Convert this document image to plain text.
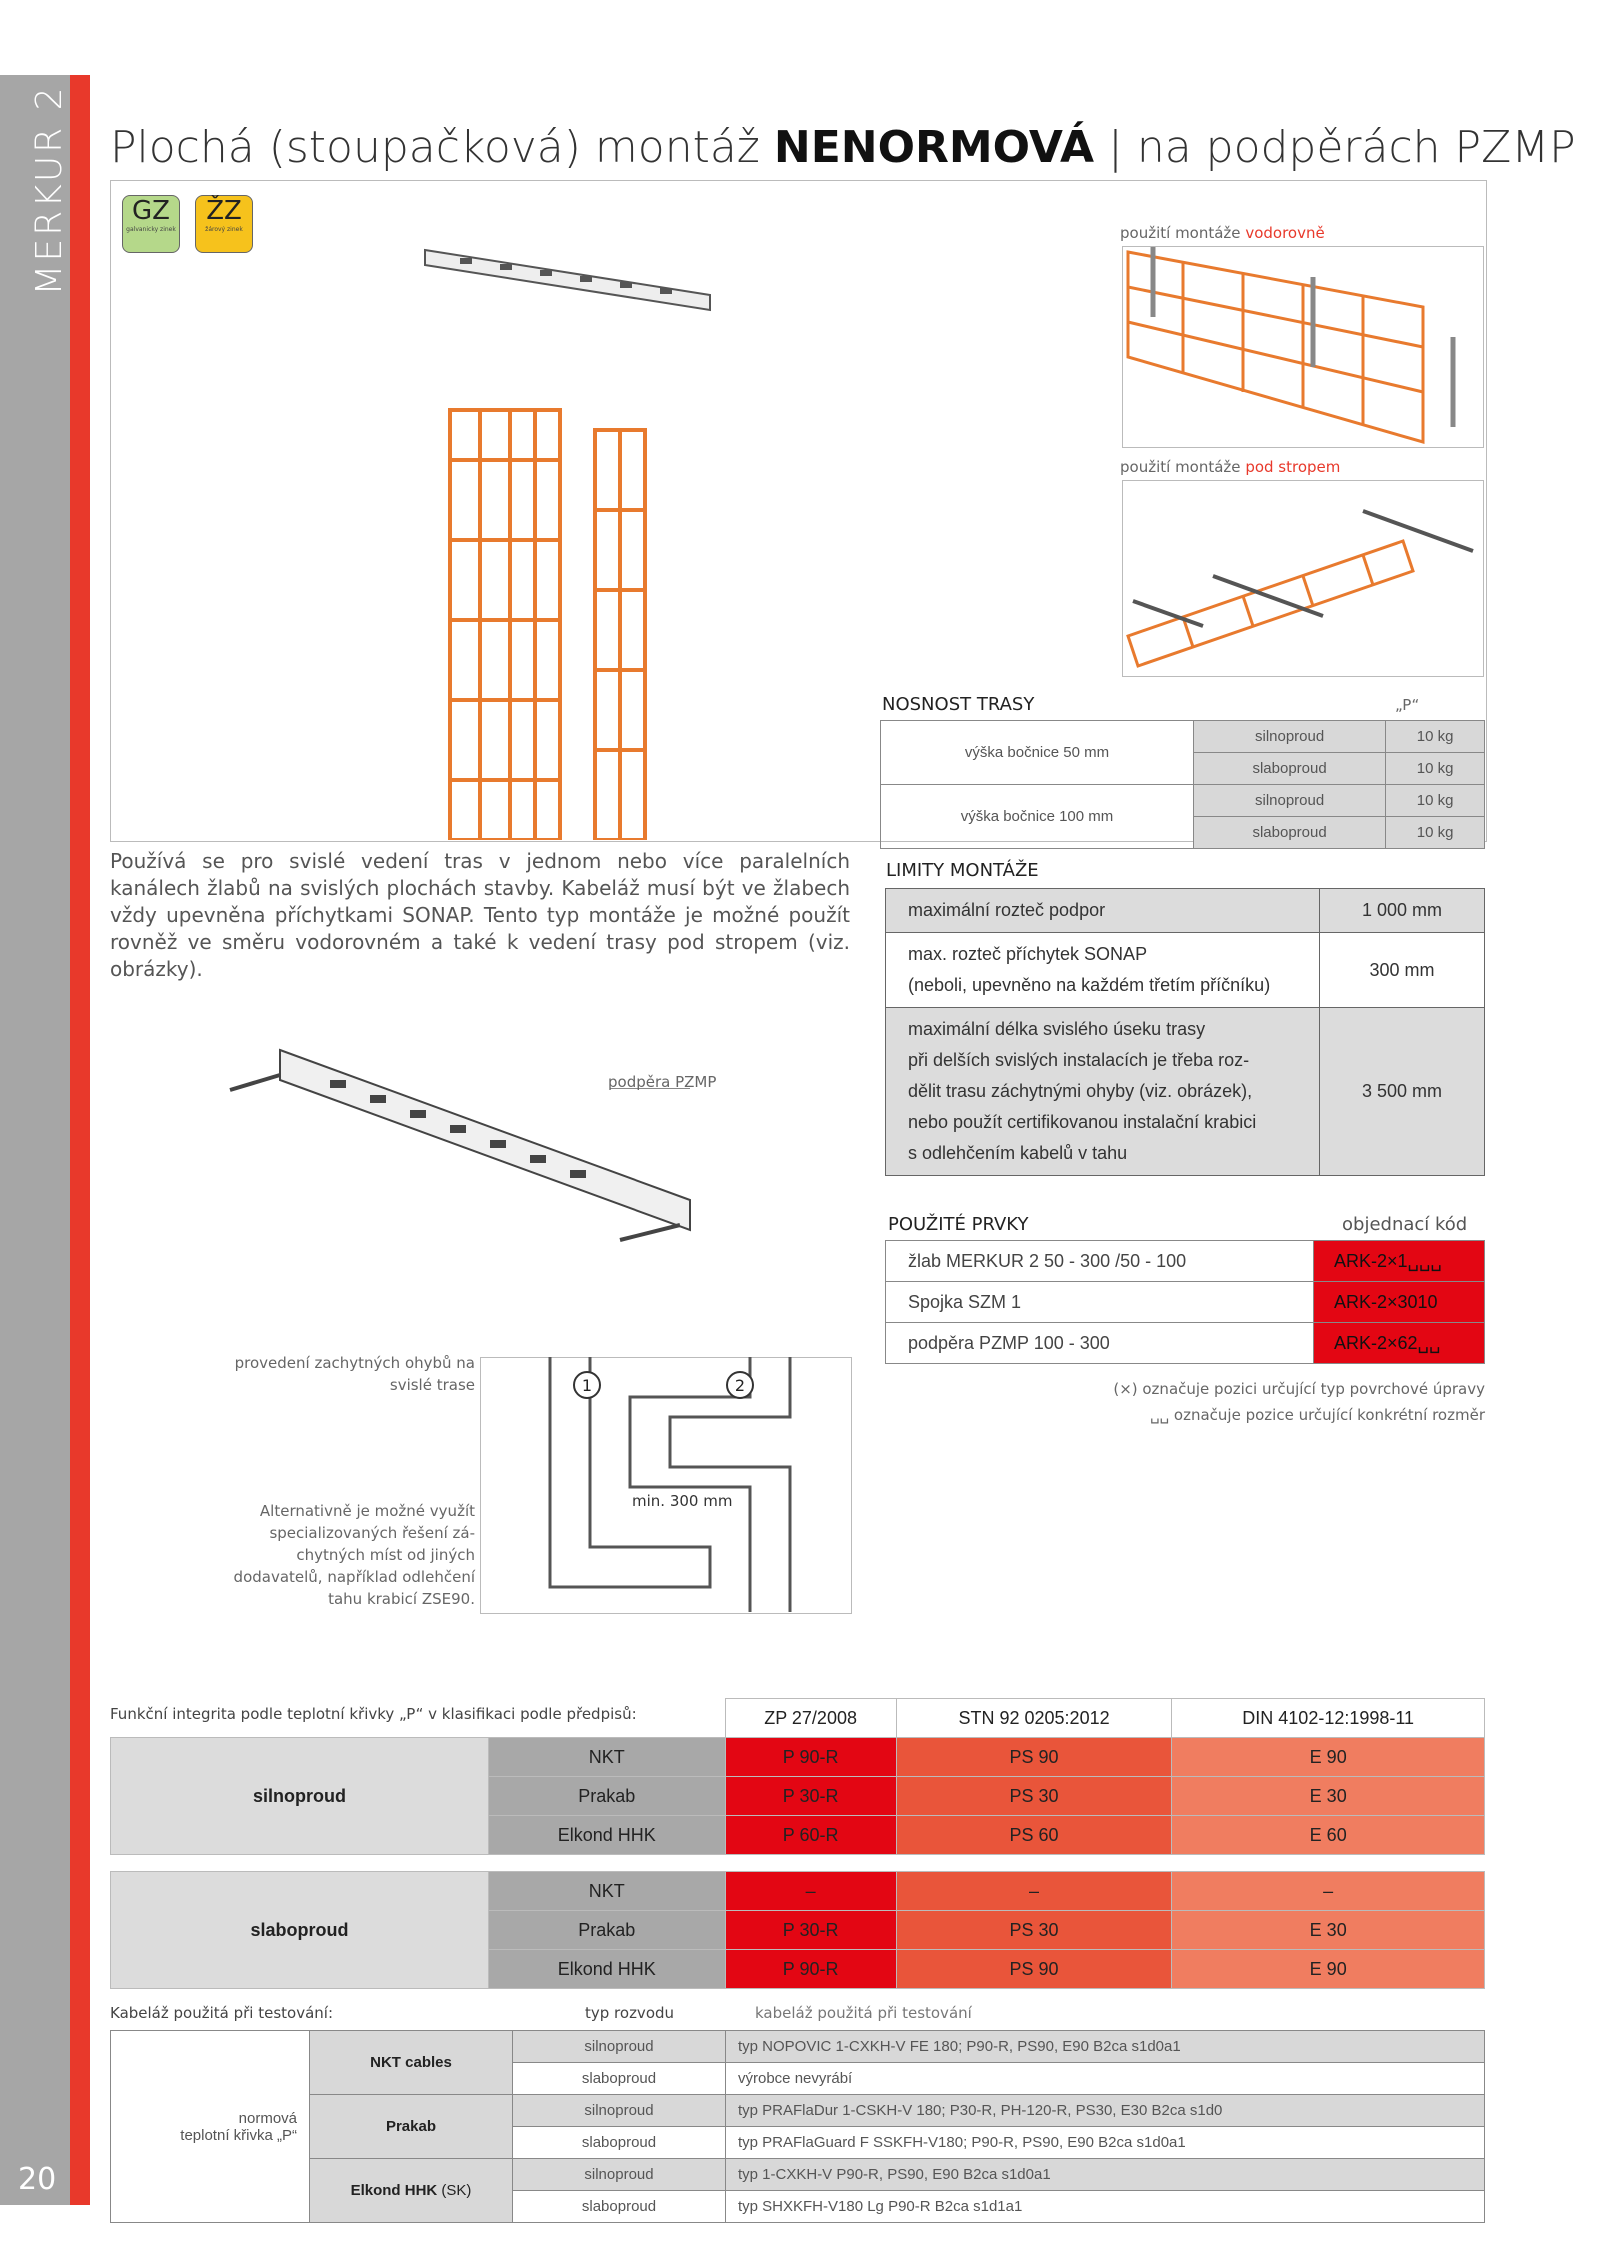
MERKUR 2
20
Plochá (stoupačková) montáž NENORMOVÁ | na podpěrách PZMP
GZ
galvanicky zinek
ŽZ
žárový zinek	použití montáže vodorovně
použití montáže pod stropem
NOSNOST TRASY	„P“
výška bočnice 50 mm	silnoproud	10 kg
	slaboproud	10 kg
výška bočnice 100 mm	silnoproud	10 kg
	slaboproud	10 kg
Používá se pro svislé vedení tras v jednom nebo více paralelních kanálech žlabů na svislých plochách stavby. Kabeláž musí být ve žlabech vždy upevněna příchytkami SONAP. Tento typ montáže je možné použít rovněž ve směru vodorovném a také k vedení trasy pod stropem (viz. obrázky).
LIMITY MONTÁŽE
maximální rozteč podpor	1 000 mm
max. rozteč příchytek SONAP
(neboli, upevněno na každém třetím příčníku)	300 mm
maximální délka svislého úseku trasy
při delších svislých instalacích je třeba roz-
dělit trasu záchytnými ohyby (viz. obrázek),
nebo použít certifikovanou instalační krabici
s odlehčením kabelů v tahu	3 500 mm
POUŽITÉ PRVKY	objednací kód
žlab MERKUR 2 50 - 300 /50 - 100	ARK-2×1␣␣␣
Spojka SZM 1	ARK-2×3010
podpěra PZMP 100 - 300	ARK-2×62␣␣
(×) označuje pozici určující typ povrchové úpravy
␣␣ označuje pozice určující konkrétní rozměr
podpěra PZMP
provedení zachytných ohybů na svislé trase
Alternativně je možné využít specializovaných řešení zá-chytných míst od jiných dodavatelů, například odlehčení tahu krabicí ZSE90.
1	2
min. 300 mm
Funkční integrita podle teplotní křivky „P“ v klasifikaci podle předpisů:
			ZP 27/2008	STN 92 0205:2012	DIN 4102-12:1998-11
silnoproud	NKT	P 90-R	PS 90	E 90
	Prakab	P 30-R	PS 30	E 30
	Elkond HHK	P 60-R	PS 60	E 60

slaboproud	NKT	–	–	–
	Prakab	P 30-R	PS 30	E 30
	Elkond HHK	P 90-R	PS 90	E 90
Kabeláž použitá při testování:	typ rozvodu	kabeláž použitá při testování
normová
teplotní křivka „P“	NKT cables	silnoproud	typ NOPOVIC 1-CXKH-V FE 180; P90-R, PS90, E90 B2ca s1d0a1
		slaboproud	výrobce nevyrábí
	Prakab	silnoproud	typ PRAFlaDur 1-CSKH-V 180; P30-R, PH-120-R, PS30, E30 B2ca s1d0
		slaboproud	typ PRAFlaGuard F SSKFH-V180; P90-R, PS90, E90 B2ca s1d0a1
	Elkond HHK (SK)	silnoproud	typ 1-CXKH-V P90-R, PS90, E90 B2ca s1d0a1
		slaboproud	typ SHXKFH-V180 Lg P90-R B2ca s1d1a1
